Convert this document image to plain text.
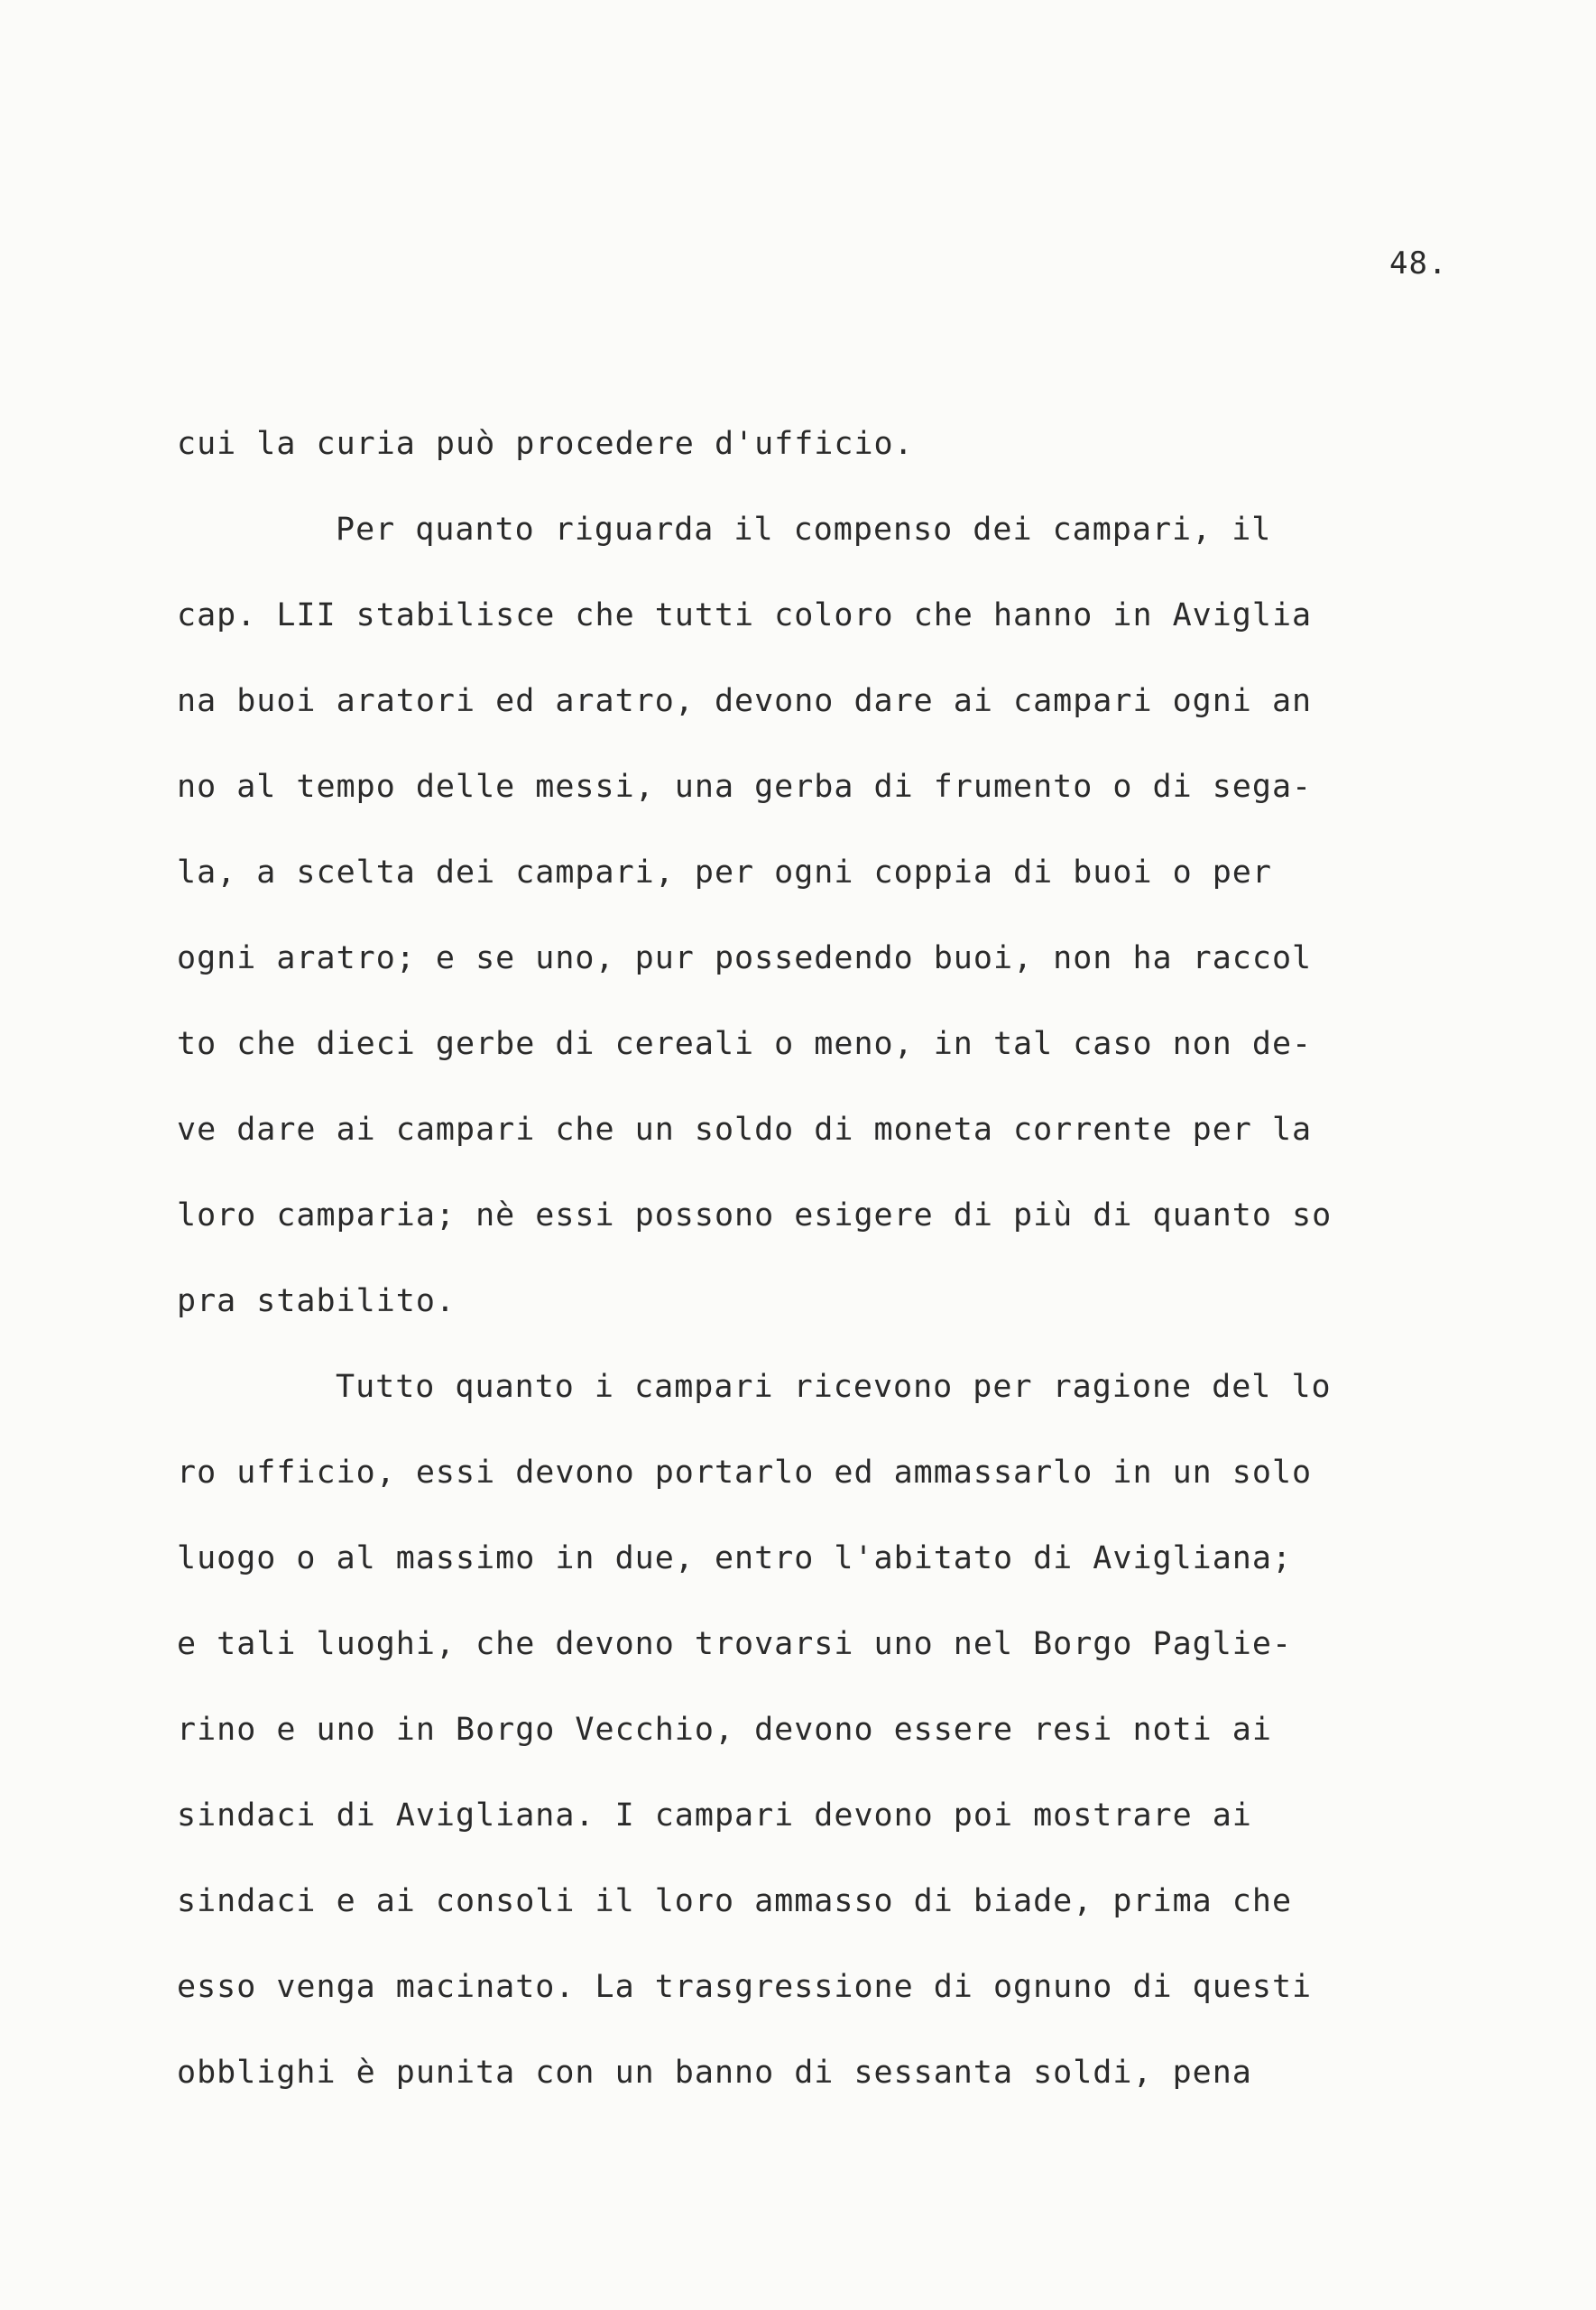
48.

cui la curia può procedere d'ufficio.

Per quanto riguarda il compenso dei campari, il

cap. LII stabilisce che tutti coloro che hanno in Aviglia

na buoi aratori ed aratro, devono dare ai campari ogni an

no al tempo delle messi, una gerba di frumento o di sega-

la, a scelta dei campari, per ogni coppia di buoi o per

ogni aratro; e se uno, pur possedendo buoi, non ha raccol

to che dieci gerbe di cereali o meno, in tal caso non de-

ve dare ai campari che un soldo di moneta corrente per la

loro camparia; nè essi possono esigere di più di quanto so

pra stabilito.

Tutto quanto i campari ricevono per ragione del lo

ro ufficio, essi devono portarlo ed ammassarlo in un solo

luogo o al massimo in due, entro l'abitato di Avigliana;

e tali luoghi, che devono trovarsi uno nel Borgo Paglie-

rino e uno in Borgo Vecchio, devono essere resi noti ai

sindaci di Avigliana. I campari devono poi mostrare ai

sindaci e ai consoli il loro ammasso di biade, prima che

esso venga macinato. La trasgressione di ognuno di questi

obblighi è punita con un banno di sessanta soldi, pena
